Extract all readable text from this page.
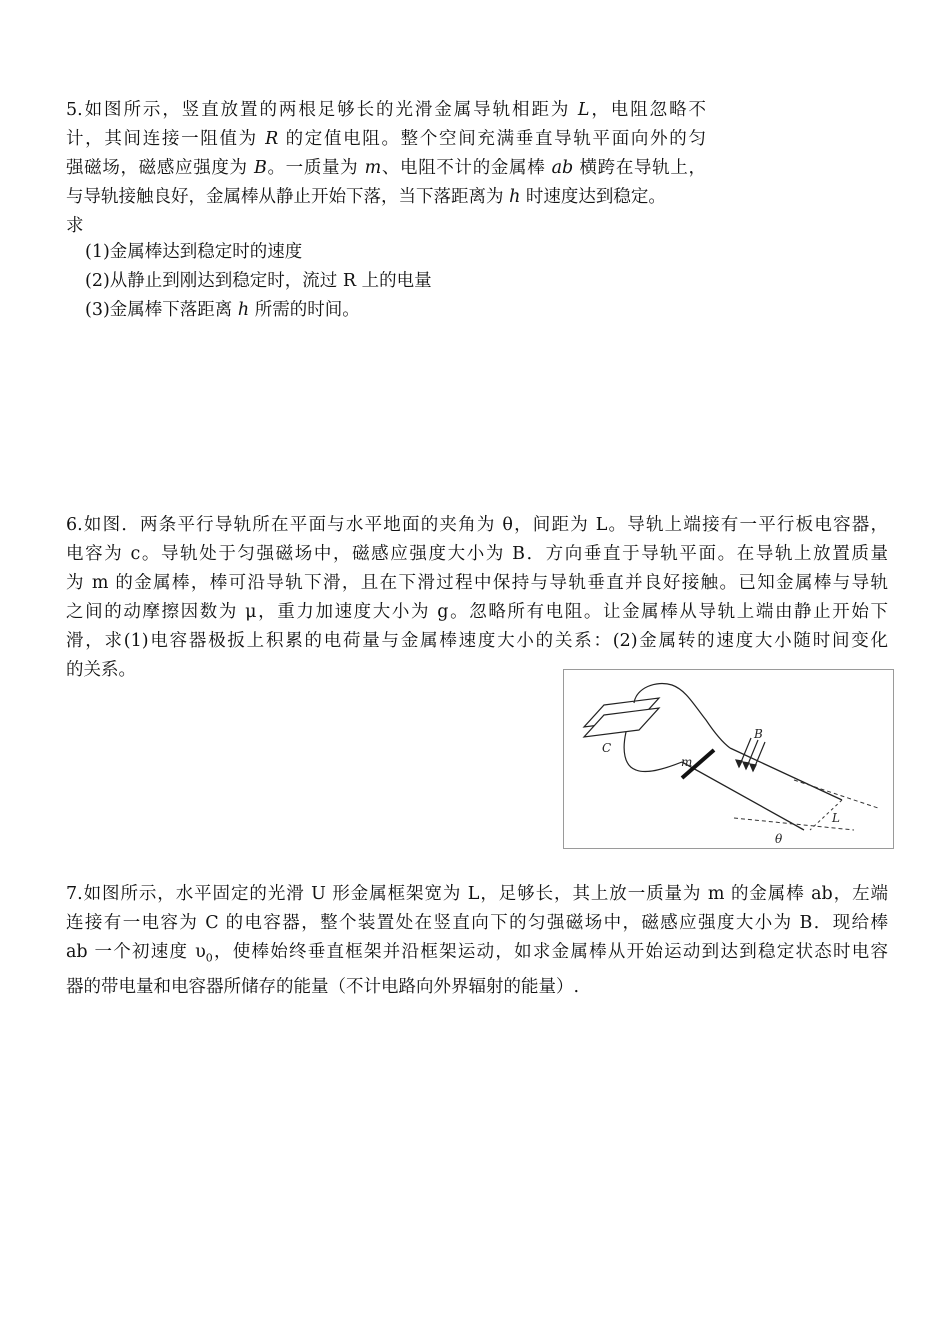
5.如图所示，竖直放置的两根足够长的光滑金属导轨相距为 L，电阻忽略不
计，其间连接一阻值为 R 的定值电阻。整个空间充满垂直导轨平面向外的匀
强磁场，磁感应强度为 B。一质量为 m、电阻不计的金属棒 ab 横跨在导轨上，
与导轨接触良好，金属棒从静止开始下落，当下落距离为 h 时速度达到稳定。
求
(1)金属棒达到稳定时的速度
(2)从静止到刚达到稳定时，流过 R 上的电量
(3)金属棒下落距离 h 所需的时间。
6.如图．两条平行导轨所在平面与水平地面的夹角为 θ，间距为 L。导轨上端接有一平行板电容器，
电容为 c。导轨处于匀强磁场中，磁感应强度大小为 B．方向垂直于导轨平面。在导轨上放置质量
为 m 的金属棒，棒可沿导轨下滑，且在下滑过程中保持与导轨垂直并良好接触。已知金属棒与导轨
之间的动摩擦因数为 μ，重力加速度大小为 g。忽略所有电阻。让金属棒从导轨上端由静止开始下
滑，求(1)电容器极扳上积累的电荷量与金属棒速度大小的关系：(2)金属转的速度大小随时间变化
的关系。
C
m
B
L
θ
7.如图所示，水平固定的光滑 U 形金属框架宽为 L，足够长，其上放一质量为 m 的金属棒 ab，左端
连接有一电容为 C 的电容器，整个装置处在竖直向下的匀强磁场中，磁感应强度大小为 B．现给棒
ab 一个初速度 $\upsilon_0$，使棒始终垂直框架并沿框架运动，如求金属棒从开始运动到达到稳定状态时电容
器的带电量和电容器所储存的能量（不计电路向外界辐射的能量）.
